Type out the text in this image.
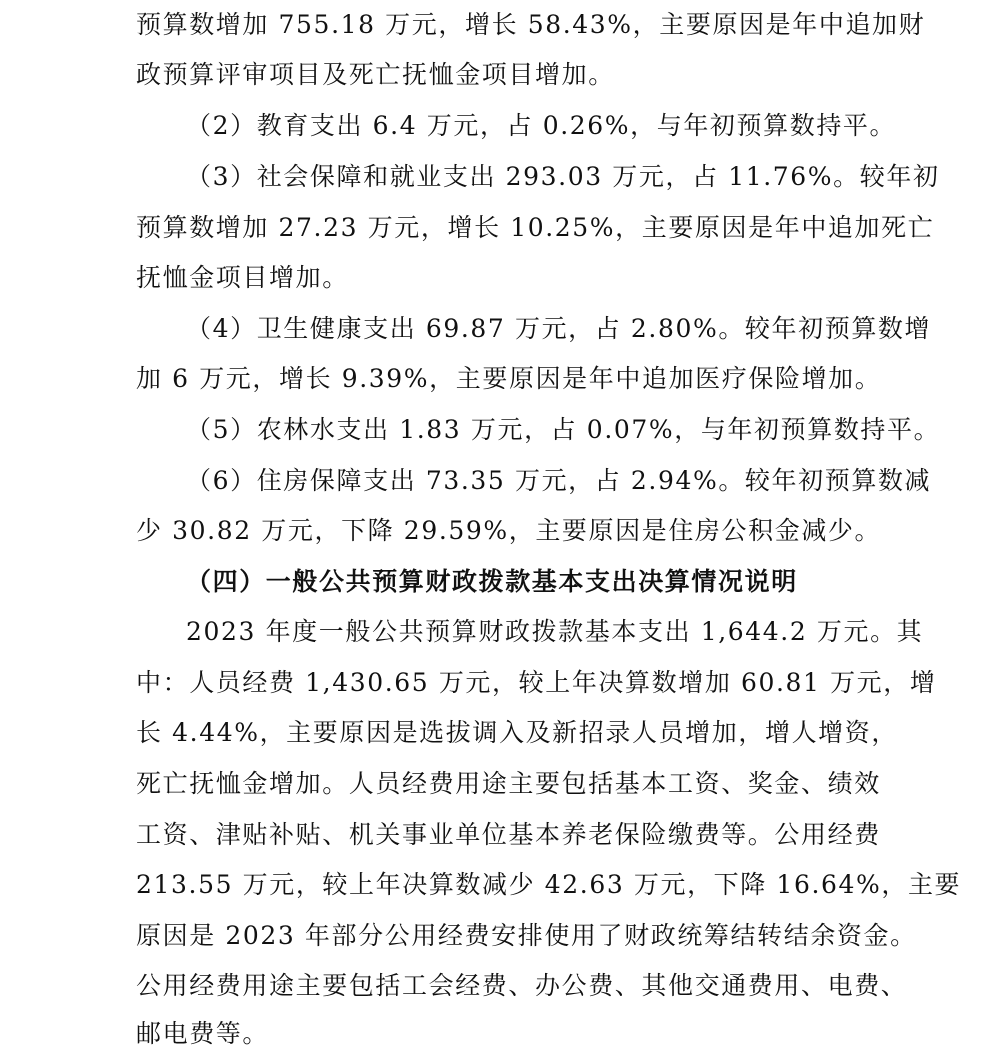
预算数增加 755.18 万元，增长 58.43%，主要原因是年中追加财
政预算评审项目及死亡抚恤金项目增加。
（2）教育支出 6.4 万元，占 0.26%，与年初预算数持平。
（3）社会保障和就业支出 293.03 万元，占 11.76%。较年初
预算数增加 27.23 万元，增长 10.25%，主要原因是年中追加死亡
抚恤金项目增加。
（4）卫生健康支出 69.87 万元，占 2.80%。较年初预算数增
加 6 万元，增长 9.39%，主要原因是年中追加医疗保险增加。
（5）农林水支出 1.83 万元，占 0.07%，与年初预算数持平。
（6）住房保障支出 73.35 万元，占 2.94%。较年初预算数减
少 30.82 万元，下降 29.59%，主要原因是住房公积金减少。
（四）一般公共预算财政拨款基本支出决算情况说明
2023 年度一般公共预算财政拨款基本支出 1,644.2 万元。其
中：人员经费 1,430.65 万元，较上年决算数增加 60.81 万元，增
长 4.44%，主要原因是选拔调入及新招录人员增加，增人增资，
死亡抚恤金增加。人员经费用途主要包括基本工资、奖金、绩效
工资、津贴补贴、机关事业单位基本养老保险缴费等。公用经费
213.55 万元，较上年决算数减少 42.63 万元，下降 16.64%，主要
原因是 2023 年部分公用经费安排使用了财政统筹结转结余资金。
公用经费用途主要包括工会经费、办公费、其他交通费用、电费、
邮电费等。
